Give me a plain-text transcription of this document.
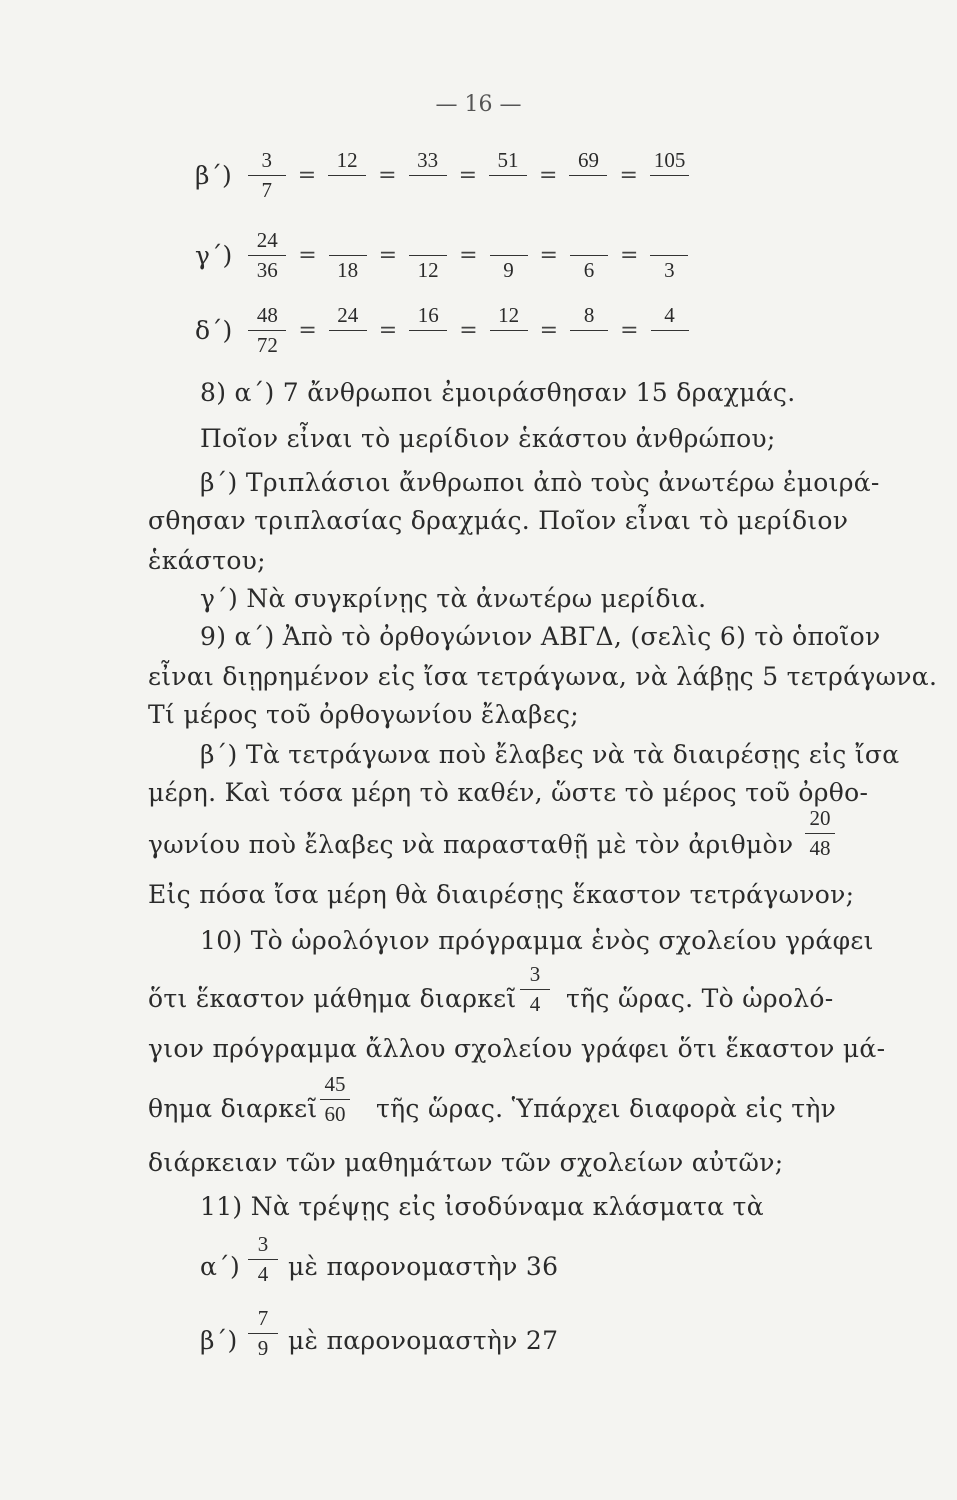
— 16 —
$\beta΄) \frac{3}{7}$ =
12
=
33
=
51
=
69
=
105
$\gamma΄) \frac{24}{36}$ =
18
=
12
=
9
=
6
=
3
$\delta΄) \frac{48}{72}$ =
24
=
16
=
12
=
8
=
4
8) α΄) 7 ἄνθρωποι ἐμοιράσθησαν 15 δραχμάς.
Ποῖον εἶναι τὸ μερίδιον ἑκάστου ἀνθρώπου;
β΄) Τριπλάσιοι ἄνθρωποι ἀπὸ τοὺς ἀνωτέρω ἐμοιρά-
σθησαν τριπλασίας δραχμάς. Ποῖον εἶναι τὸ μερίδιον
ἑκάστου;
γ΄) Νὰ συγκρίνῃς τὰ ἀνωτέρω μερίδια.
9) α΄) Ἀπὸ τὸ ὀρθογώνιον ΑΒΓΔ, (σελὶς 6) τὸ ὁποῖον
εἶναι διῃρημένον εἰς ἴσα τετράγωνα, νὰ λάβῃς 5 τετράγωνα.
Τί μέρος τοῦ ὀρθογωνίου ἔλαβες;
β΄) Τὰ τετράγωνα ποὺ ἔλαβες νὰ τὰ διαιρέσῃς εἰς ἴσα
μέρη. Καὶ τόσα μέρη τὸ καθέν, ὥστε τὸ μέρος τοῦ ὀρθο-
γωνίου ποὺ ἔλαβες νὰ παρασταθῇ μὲ τὸν ἀριθμὸν $\frac{20}{48}$
Εἰς πόσα ἴσα μέρη θὰ διαιρέσῃς ἕκαστον τετράγωνον;
10) Τὸ ὡρολόγιον πρόγραμμα ἑνὸς σχολείου γράφει
ὅτι ἕκαστον μάθημα διαρκεῖ $\frac{3}{4}$ τῆς ὥρας. Τὸ ὡρολό-
γιον πρόγραμμα ἄλλου σχολείου γράφει ὅτι ἕκαστον μά-
θημα διαρκεῖ $\frac{45}{60}$ τῆς ὥρας. Ὑπάρχει διαφορὰ εἰς τὴν
διάρκειαν τῶν μαθημάτων τῶν σχολείων αὐτῶν;
11) Νὰ τρέψῃς εἰς ἰσοδύναμα κλάσματα τὰ
$\alpha΄) \frac{3}{4}$ μὲ παρονομαστὴν 36
$\beta΄) \frac{7}{9}$ μὲ παρονομαστὴν 27
